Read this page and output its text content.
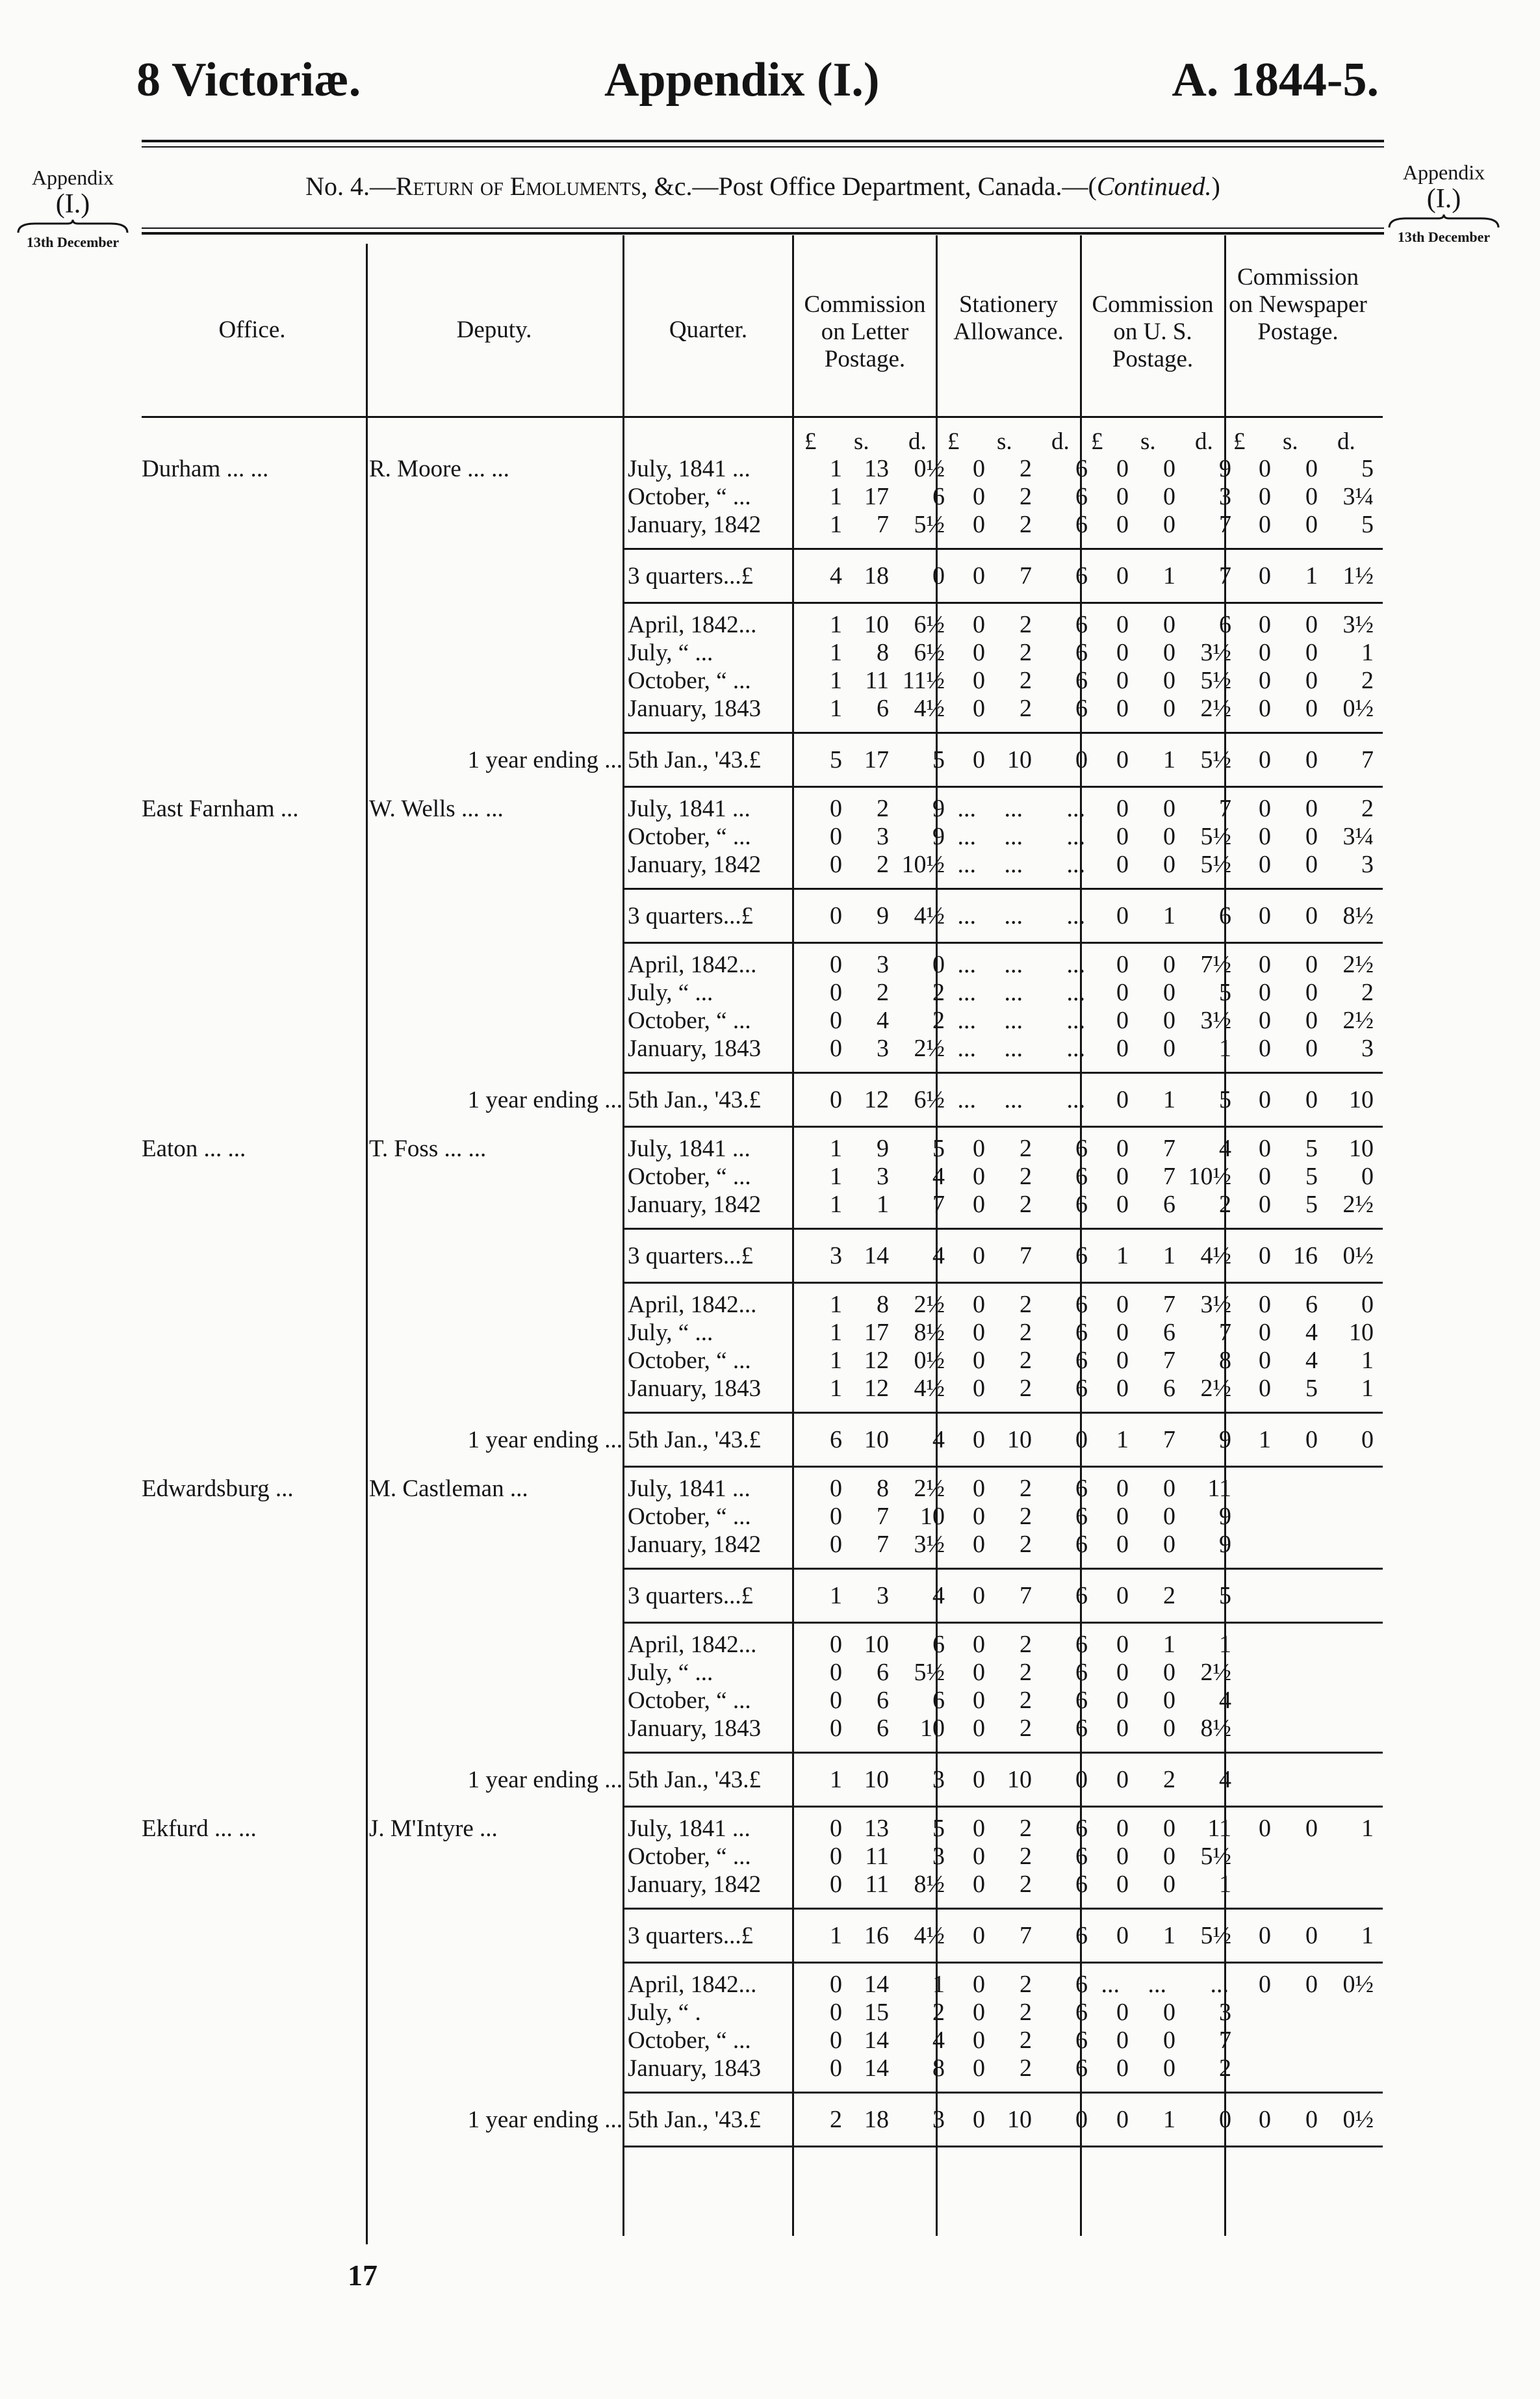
8 Victoriæ.	Appendix (I.)	A. 1844-5.
Appendix
(I.)
13th December
Appendix
(I.)
13th December
No. 4.—Return of Emoluments, &c.—Post Office Department, Canada.—(Continued.)
Office.	Deputy.	Quarter.
Commission on Letter Postage.
Stationery Allowance.
Commission on U. S. Postage.
Commission on Newspaper Postage.
£ s. d. £ s. d. £ s. d. £ s. d.
Durham ... ...	R. Moore ... ...	July, 1841 ...	1 13 0½ 0 2 6 0 0 9 0 0 5
October, “ ...	1 17 6 0 2 6 0 0 3 0 0 3¼
January, 1842	1 7 5½ 0 2 6 0 0 7 0 0 5
3 quarters...£	4 18 0 0 7 6 0 1 7 0 1 1½
April, 1842...	1 10 6½ 0 2 6 0 0 6 0 0 3½
July, “ ...	1 8 6½ 0 2 6 0 0 3½ 0 0 1
October, “ ...	1 11 11½ 0 2 6 0 0 5½ 0 0 2
January, 1843	1 6 4½ 0 2 6 0 0 2½ 0 0 0½
1 year ending ... 5th Jan., '43.£	5 17 5 0 10 0 0 1 5½ 0 0 7
East Farnham ...	W. Wells ... ...	July, 1841 ...	0 2 9 ... ... ... 0 0 7 0 0 2
October, “ ...	0 3 9 ... ... ... 0 0 5½ 0 0 3¼
January, 1842	0 2 10½ ... ... ... 0 0 5½ 0 0 3
3 quarters...£	0 9 4½ ... ... ... 0 1 6 0 0 8½
April, 1842...	0 3 0 ... ... ... 0 0 7½ 0 0 2½
July, “ ...	0 2 2 ... ... ... 0 0 5 0 0 2
October, “ ...	0 4 2 ... ... ... 0 0 3½ 0 0 2½
January, 1843	0 3 2½ ... ... ... 0 0 1 0 0 3
1 year ending ... 5th Jan., '43.£	0 12 6½ ... ... ... 0 1 5 0 0 10
Eaton ... ...	T. Foss ... ...	July, 1841 ...	1 9 5 0 2 6 0 7 4 0 5 10
October, “ ...	1 3 4 0 2 6 0 7 10½ 0 5 0
January, 1842	1 1 7 0 2 6 0 6 2 0 5 2½
3 quarters...£	3 14 4 0 7 6 1 1 4½ 0 16 0½
April, 1842...	1 8 2½ 0 2 6 0 7 3½ 0 6 0
July, “ ...	1 17 8½ 0 2 6 0 6 7 0 4 10
October, “ ...	1 12 0½ 0 2 6 0 7 8 0 4 1
January, 1843	1 12 4½ 0 2 6 0 6 2½ 0 5 1
1 year ending ... 5th Jan., '43.£	6 10 4 0 10 0 1 7 9 1 0 0
Edwardsburg ...	M. Castleman ...	July, 1841 ...	0 8 2½ 0 2 6 0 0 11
October, “ ...	0 7 10 0 2 6 0 0 9
January, 1842	0 7 3½ 0 2 6 0 0 9
3 quarters...£	1 3 4 0 7 6 0 2 5
April, 1842...	0 10 6 0 2 6 0 1 1
July, “ ...	0 6 5½ 0 2 6 0 0 2½
October, “ ...	0 6 6 0 2 6 0 0 4
January, 1843	0 6 10 0 2 6 0 0 8½
1 year ending ... 5th Jan., '43.£	1 10 3 0 10 0 0 2 4
Ekfurd ... ...	J. M'Intyre ...	July, 1841 ...	0 13 5 0 2 6 0 0 11 0 0 1
October, “ ...	0 11 3 0 2 6 0 0 5½
January, 1842	0 11 8½ 0 2 6 0 0 1
3 quarters...£	1 16 4½ 0 7 6 0 1 5½ 0 0 1
April, 1842...	0 14 1 0 2 6 ... ... ... 0 0 0½
July, “ .	0 15 2 0 2 6 0 0 3
October, “ ...	0 14 4 0 2 6 0 0 7
January, 1843	0 14 8 0 2 6 0 0 2
1 year ending ... 5th Jan., '43.£	2 18 3 0 10 0 0 1 0 0 0 0½
17
